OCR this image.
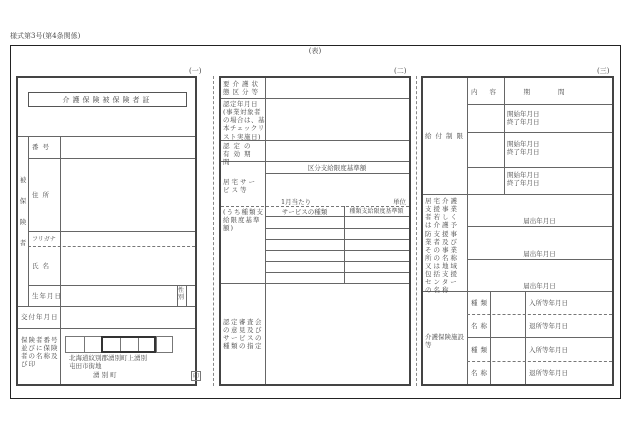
様式第3号(第4条関係)
(表)
(一)
介護保険被保険者証
被保険者
番号
住所
フリガナ
氏名
生年月日
性別
交付年月日
保険者番号並びに保険者の名称及び印
北海道紋別郡湧別町上湧別
屯田市街地
湧 別 町	印
(二)
要介護状態区分等
認定年月日(事業対象者の場合は、基本チェックリスト実施日)
認定の有効期間
居宅サービス等
区分支給限度基準額
1月当たり	単位
(うち種類支給限度基準額)
サービスの種類	種類支給限度基準額
認定審査会の意見及びサービスの種類の指定
(三)
給付制限
内容	期間
開始年月日
終了年月日
開始年月日
終了年月日
開始年月日
終了年月日
居宅介護支援事業者若しくは介護予防支援事業者及びその事業所の名称又は地域包括支援センターの名称
届出年月日
届出年月日
届出年月日
介護保険施設等
種類	入所等年月日
名称	退所等年月日
種類	入所等年月日
名称	退所等年月日
